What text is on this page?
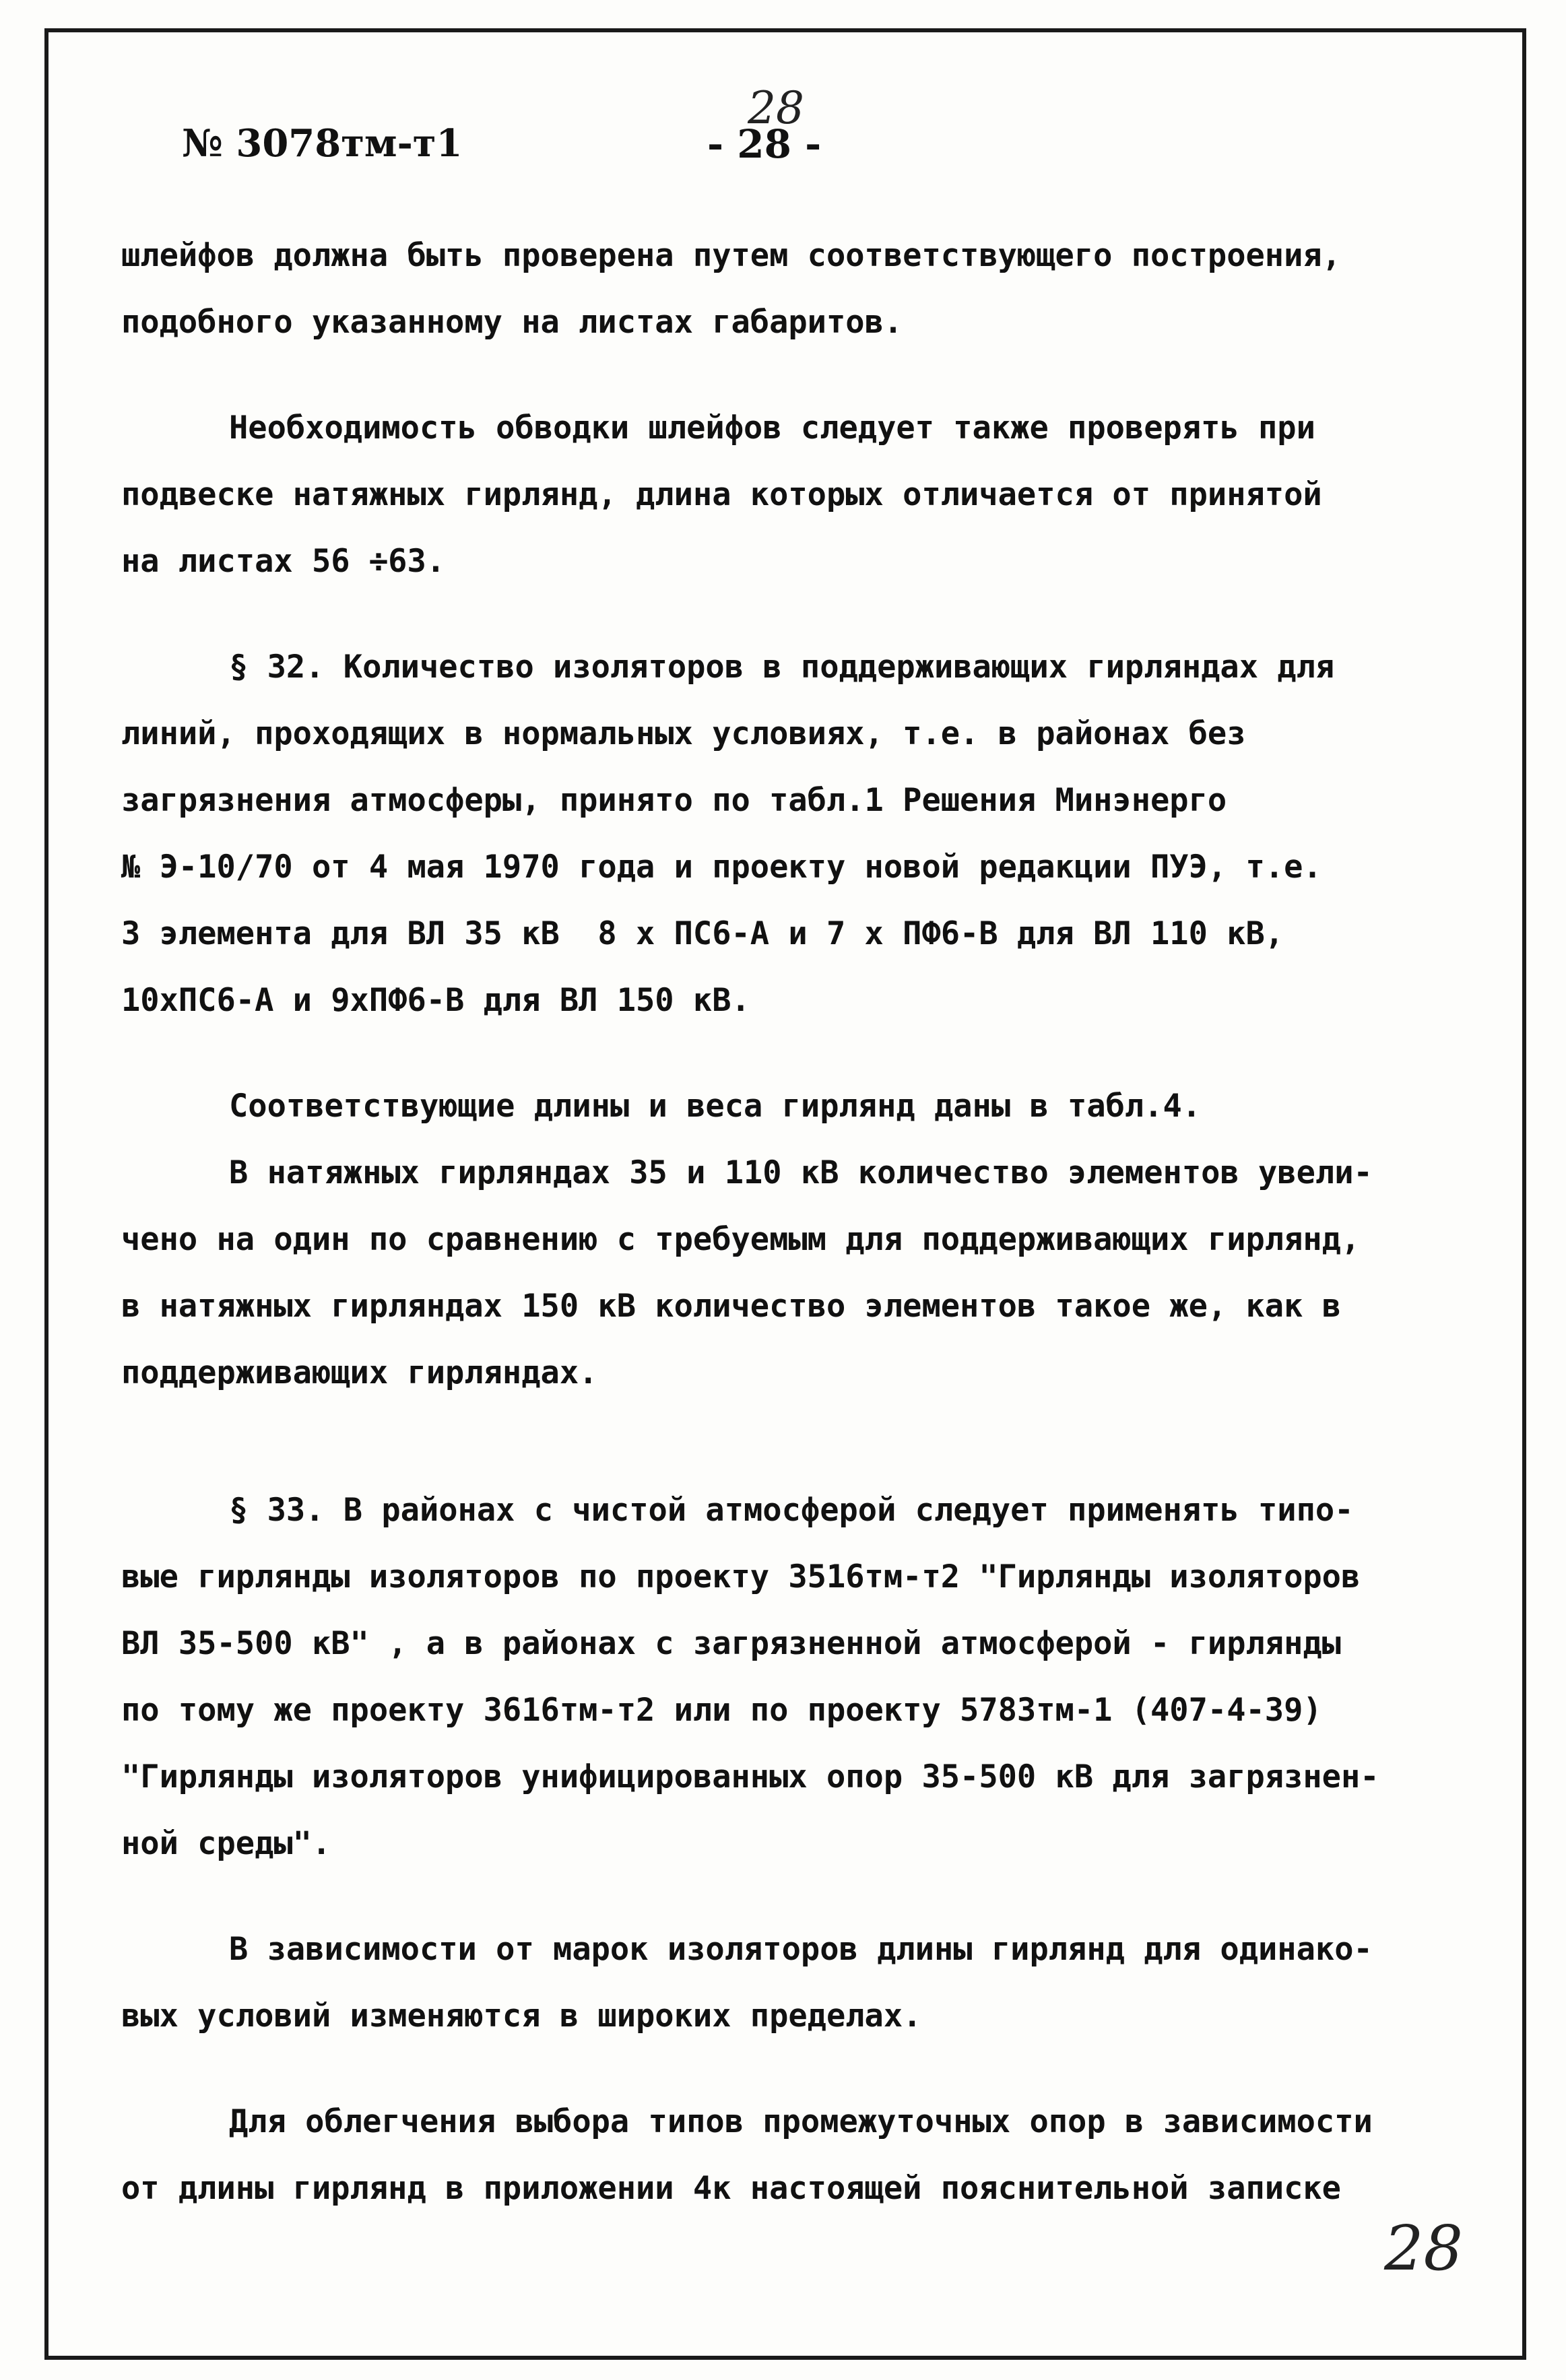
28
№ 3078тм-т1	- 28 -

шлейфов должна быть проверена путем соответствующего построения,
подобного указанному на листах габаритов.

Необходимость обводки шлейфов следует также проверять при
подвеске натяжных гирлянд, длина которых отличается от принятой
на листах 56 ÷63.

§ 32. Количество изоляторов в поддерживающих гирляндах для
линий, проходящих в нормальных условиях, т.е. в районах без
загрязнения атмосферы, принято по табл.1 Решения Минэнерго
№ Э-10/70 от 4 мая 1970 года и проекту новой редакции ПУЭ, т.е.
3 элемента для ВЛ 35 кВ  8 х ПС6-А и 7 х ПФ6-В для ВЛ 110 кВ,
10хПС6-А и 9хПФ6-В для ВЛ 150 кВ.

Соответствующие длины и веса гирлянд даны в табл.4.

В натяжных гирляндах 35 и 110 кВ количество элементов увели-
чено на один по сравнению с требуемым для поддерживающих гирлянд,
в натяжных гирляндах 150 кВ количество элементов такое же, как в
поддерживающих гирляндах.

§ 33. В районах с чистой атмосферой следует применять типо-
вые гирлянды изоляторов по проекту 3516тм-т2 "Гирлянды изоляторов
ВЛ 35-500 кВ" , а в районах с загрязненной атмосферой - гирлянды
по тому же проекту 3616тм-т2 или по проекту 5783тм-1 (407-4-39)
"Гирлянды изоляторов унифицированных опор 35-500 кВ для загрязнен-
ной среды".

В зависимости от марок изоляторов длины гирлянд для одинако-
вых условий изменяются в широких пределах.

Для облегчения выбора типов промежуточных опор в зависимости
от длины гирлянд в приложении 4к настоящей пояснительной записке

28
